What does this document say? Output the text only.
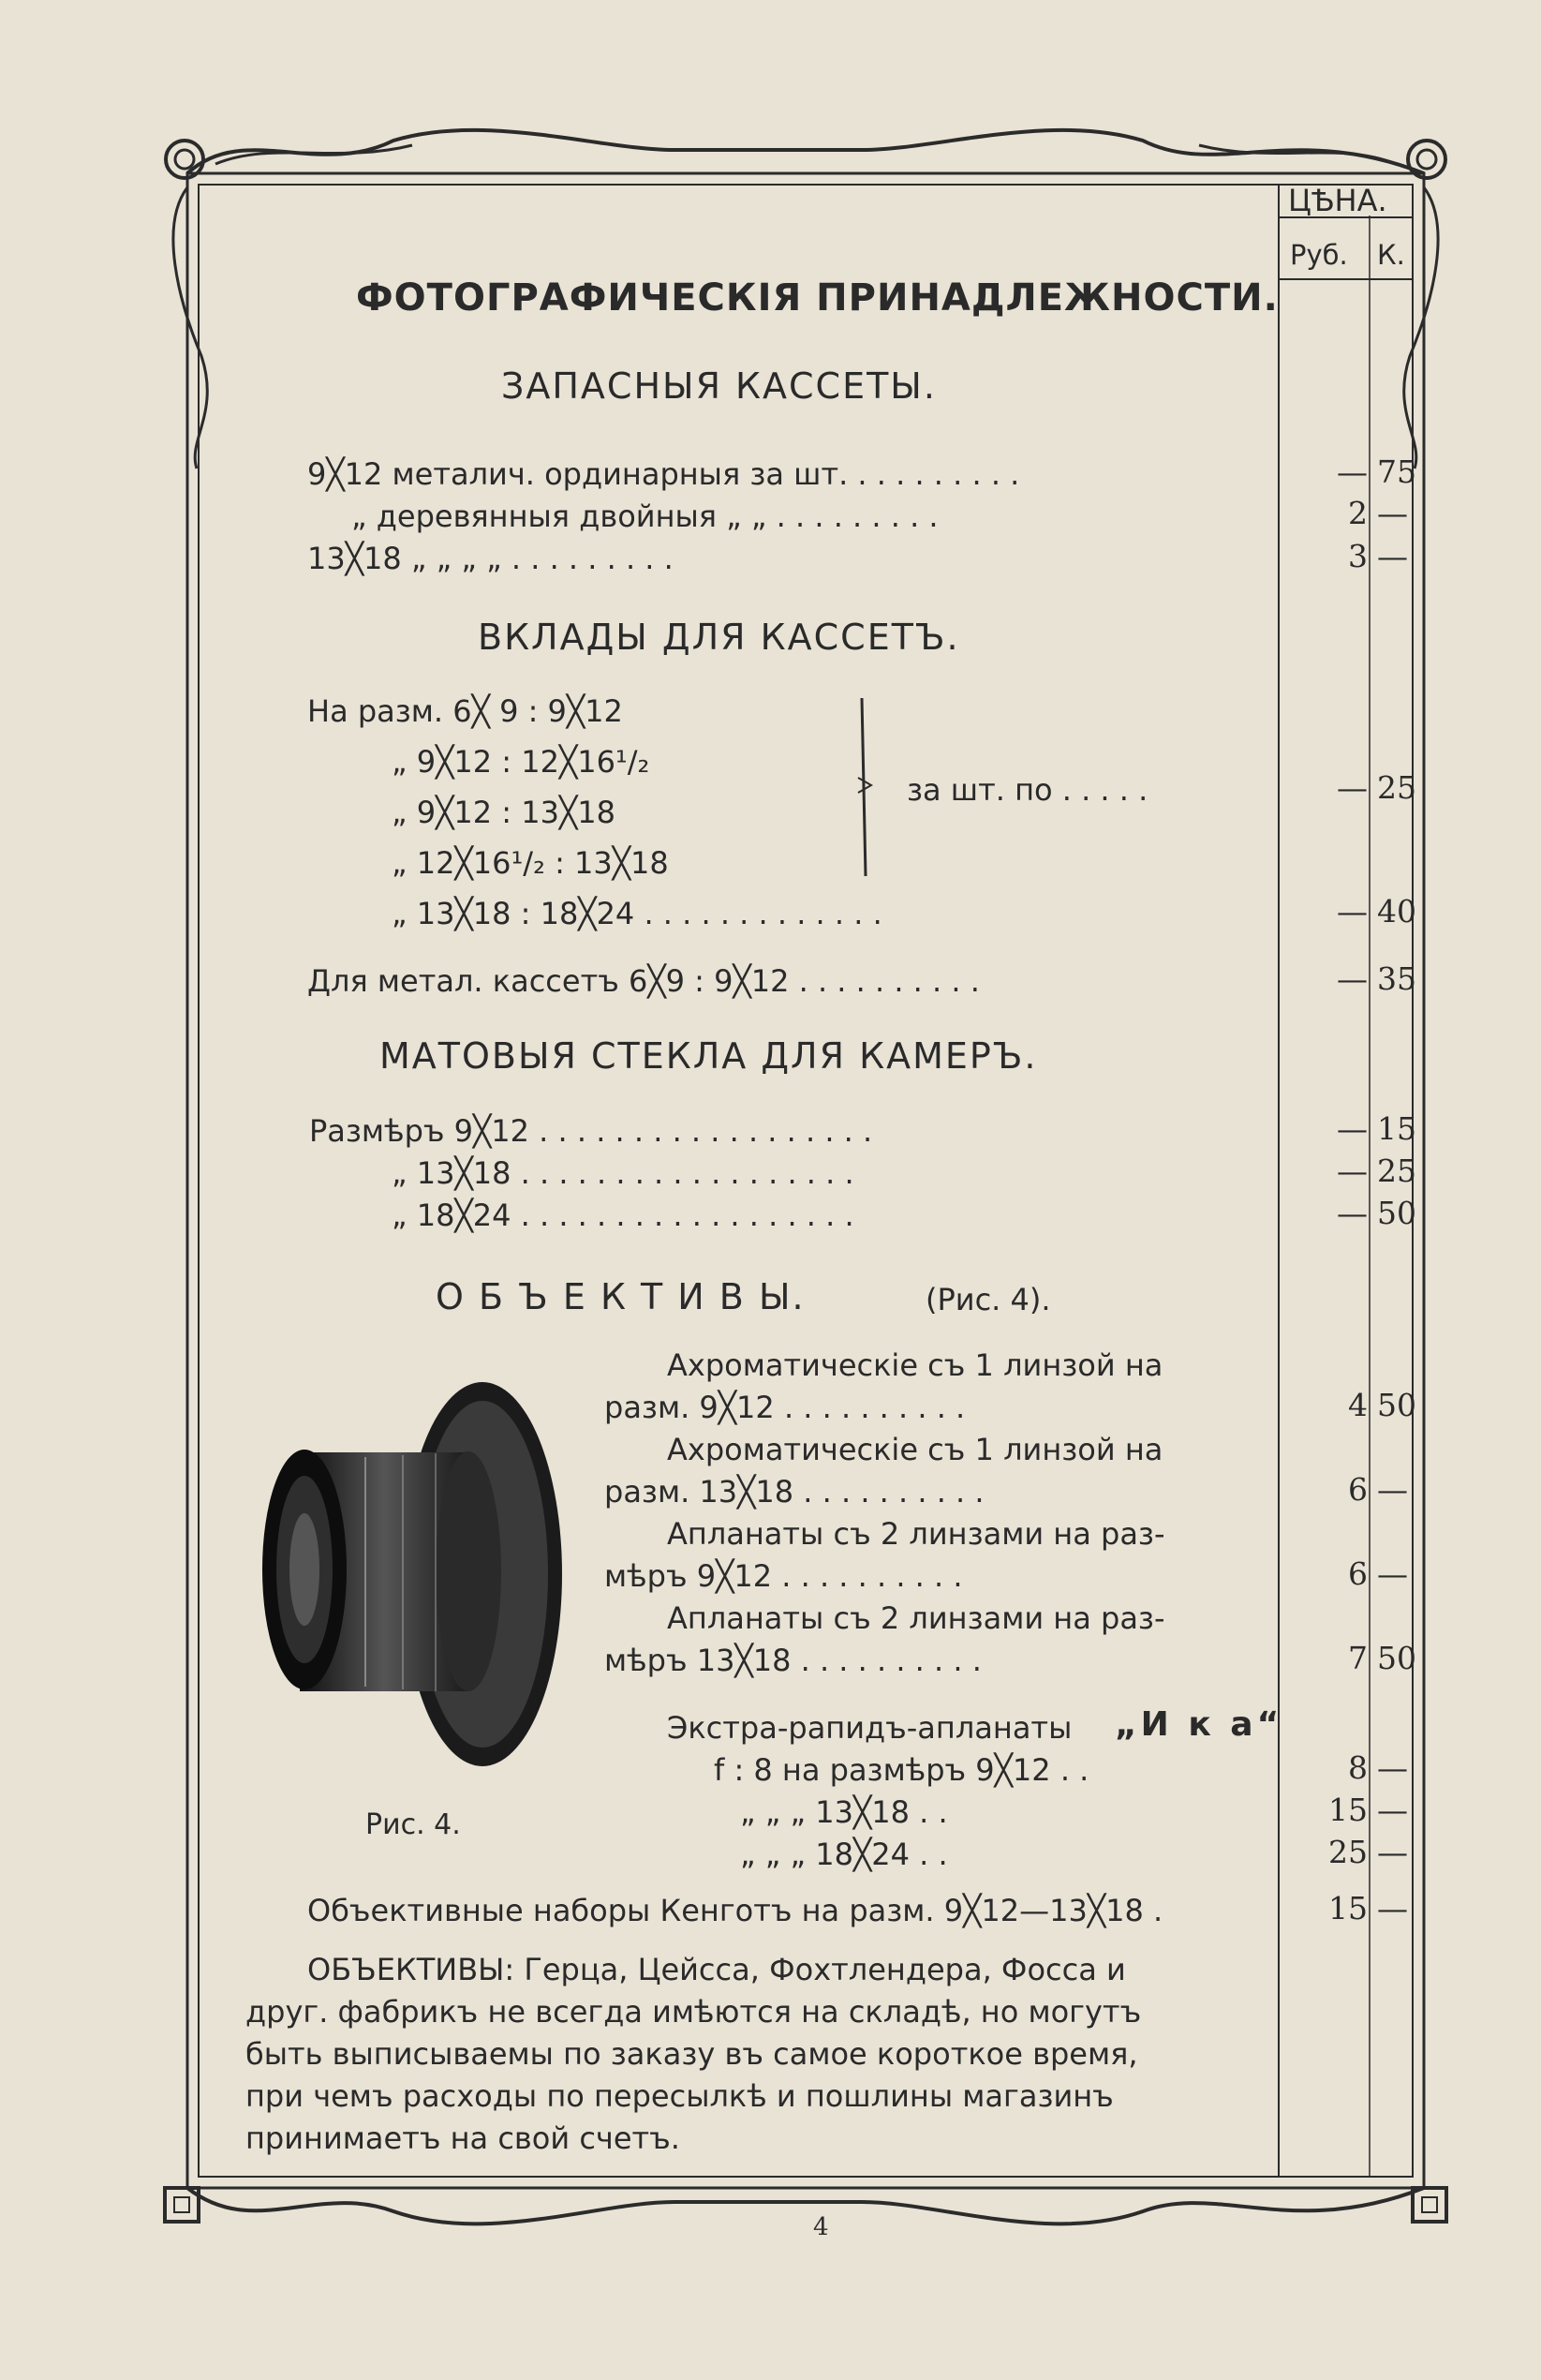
ЦѢНА.
Руб. К.
ФОТОГРАФИЧЕСКІЯ ПРИНАДЛЕЖНОСТИ.
ЗАПАСНЫЯ КАССЕТЫ.
9╳12 металич. ординарныя за шт. . . . . . . . . .	— 75
„ деревянныя двойныя „ „ . . . . . . . . .	2 —
13╳18 „ „ „ „ . . . . . . . . .	3 —
ВКЛАДЫ ДЛЯ КАССЕТЪ.
На разм. 6╳ 9 : 9╳12
„ 9╳12 : 12╳16¹/₂
„ 9╳12 : 13╳18
„ 12╳16¹/₂ : 13╳18
за шт. по . . . . .	— 25
„ 13╳18 : 18╳24 . . . . . . . . . . . . .	— 40
Для метал. кассетъ 6╳9 : 9╳12 . . . . . . . . . .	— 35
МАТОВЫЯ СТЕКЛА ДЛЯ КАМЕРЪ.
Размѣръ 9╳12 . . . . . . . . . . . . . . . . . .	— 15
„ 13╳18 . . . . . . . . . . . . . . . . . .	— 25
„ 18╳24 . . . . . . . . . . . . . . . . . .	— 50
О Б Ъ Е К Т И В Ы.	(Рис. 4).
Рис. 4.
Ахроматическіе съ 1 линзой на
разм. 9╳12 . . . . . . . . . .	4 50
Ахроматическіе съ 1 линзой на
разм. 13╳18 . . . . . . . . . .	6 —
Апланаты съ 2 линзами на раз-
мѣръ 9╳12 . . . . . . . . . .	6 —
Апланаты съ 2 линзами на раз-
мѣръ 13╳18 . . . . . . . . . .	7 50
Экстра-рапидъ-апланаты „И к а“
f : 8 на размѣръ 9╳12 . .	8 —
„ „ „ 13╳18 . .	15 —
„ „ „ 18╳24 . .	25 —
Объективные наборы Кенготъ на разм. 9╳12—13╳18 .	15 —
ОБЪЕКТИВЫ: Герца, Цейсса, Фохтлендера, Фосса и
друг. фабрикъ не всегда имѣются на складѣ, но могутъ
быть выписываемы по заказу въ самое короткое время,
при чемъ расходы по пересылкѣ и пошлины магазинъ
принимаетъ на свой счетъ.
4
